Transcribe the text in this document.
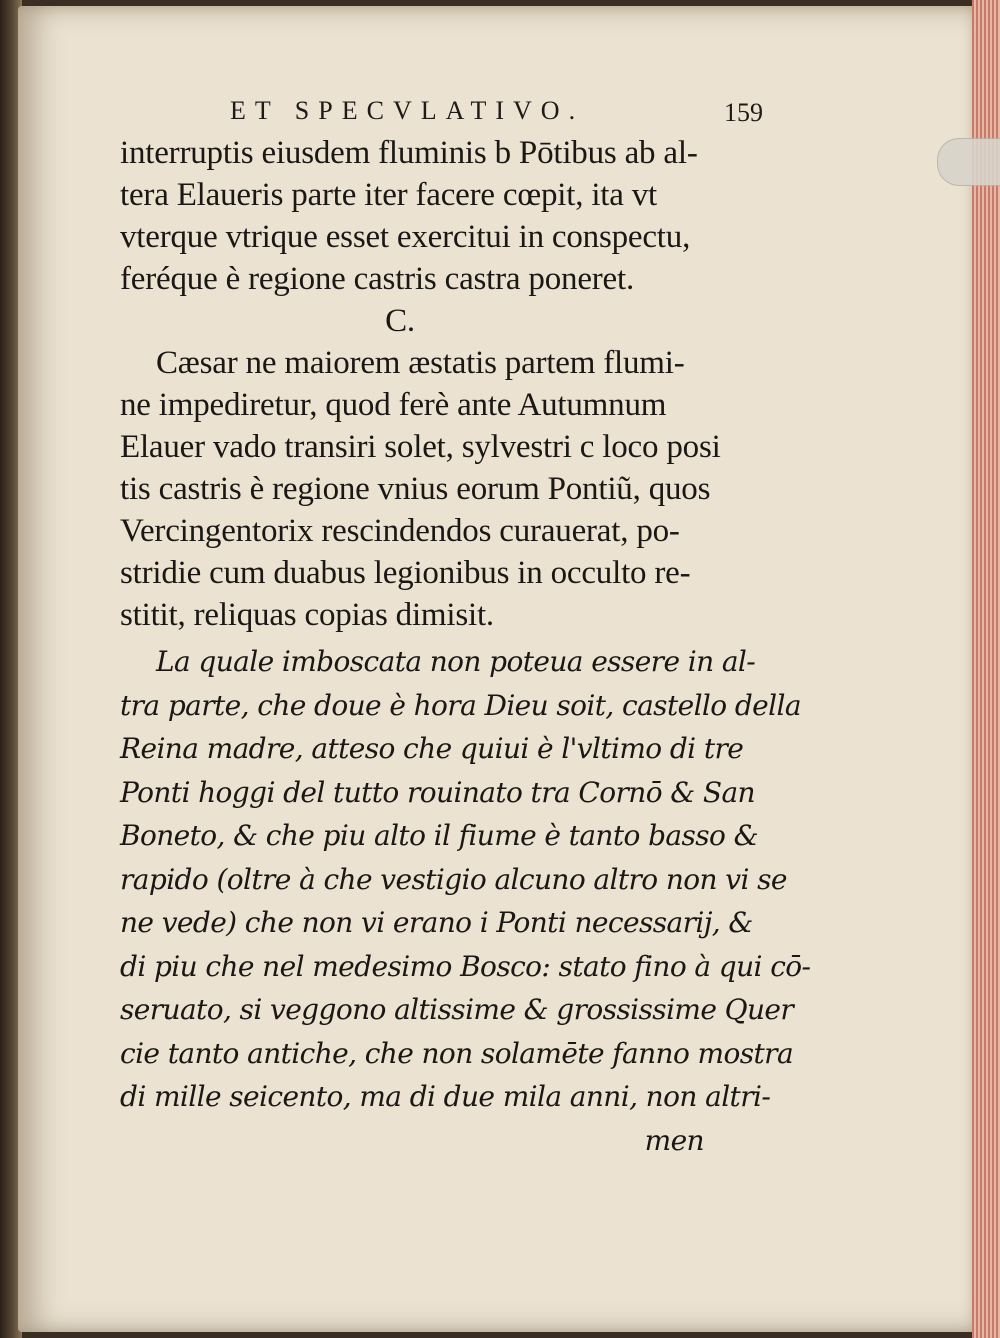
ET SPECVLATIVO.	159
interruptis eiusdem fluminis b Pōtibus ab al-
tera Elaueris parte iter facere cœpit, ita vt
vterque vtrique esset exercitui in conspectu,
feréque è regione castris castra poneret.
C.
Cæsar ne maiorem æstatis partem flumi-
ne impediretur, quod ferè ante Autumnum
Elauer vado transiri solet, sylvestri c loco posi
tis castris è regione vnius eorum Pontiũ, quos
Vercingentorix rescindendos curauerat, po-
stridie cum duabus legionibus in occulto re-
stitit, reliquas copias dimisit.
La quale imboscata non poteua essere in al-
tra parte, che doue è hora Dieu soit, castello della
Reina madre, atteso che quiui è l'vltimo di tre
Ponti hoggi del tutto rouinato tra Cornō & San
Boneto, & che piu alto il fiume è tanto basso &
rapido (oltre à che vestigio alcuno altro non vi se
ne vede) che non vi erano i Ponti necessarij, &
di piu che nel medesimo Bosco: stato fino à qui cō-
seruato, si veggono altissime & grossissime Quer
cie tanto antiche, che non solamēte fanno mostra
di mille seicento, ma di due mila anni, non altri-
men
